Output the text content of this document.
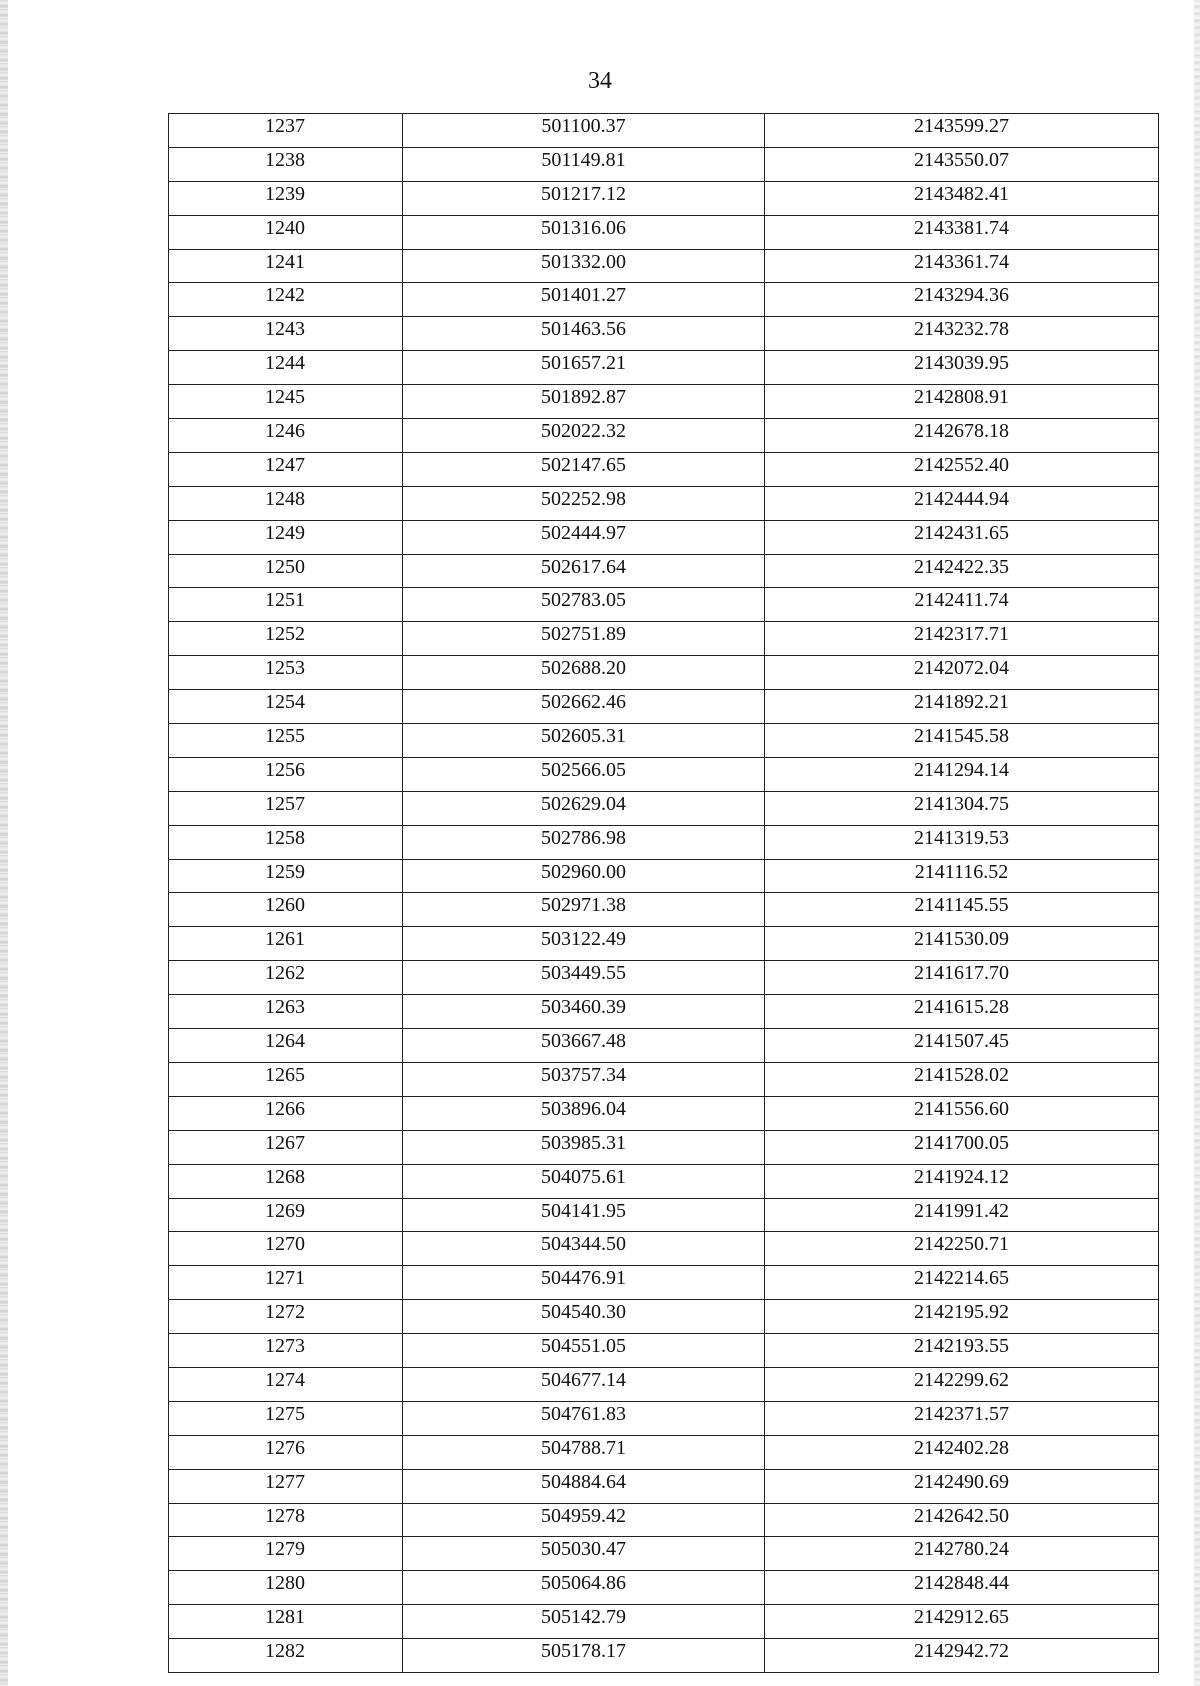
34
1237	501100.37	2143599.27
1238	501149.81	2143550.07
1239	501217.12	2143482.41
1240	501316.06	2143381.74
1241	501332.00	2143361.74
1242	501401.27	2143294.36
1243	501463.56	2143232.78
1244	501657.21	2143039.95
1245	501892.87	2142808.91
1246	502022.32	2142678.18
1247	502147.65	2142552.40
1248	502252.98	2142444.94
1249	502444.97	2142431.65
1250	502617.64	2142422.35
1251	502783.05	2142411.74
1252	502751.89	2142317.71
1253	502688.20	2142072.04
1254	502662.46	2141892.21
1255	502605.31	2141545.58
1256	502566.05	2141294.14
1257	502629.04	2141304.75
1258	502786.98	2141319.53
1259	502960.00	2141116.52
1260	502971.38	2141145.55
1261	503122.49	2141530.09
1262	503449.55	2141617.70
1263	503460.39	2141615.28
1264	503667.48	2141507.45
1265	503757.34	2141528.02
1266	503896.04	2141556.60
1267	503985.31	2141700.05
1268	504075.61	2141924.12
1269	504141.95	2141991.42
1270	504344.50	2142250.71
1271	504476.91	2142214.65
1272	504540.30	2142195.92
1273	504551.05	2142193.55
1274	504677.14	2142299.62
1275	504761.83	2142371.57
1276	504788.71	2142402.28
1277	504884.64	2142490.69
1278	504959.42	2142642.50
1279	505030.47	2142780.24
1280	505064.86	2142848.44
1281	505142.79	2142912.65
1282	505178.17	2142942.72
